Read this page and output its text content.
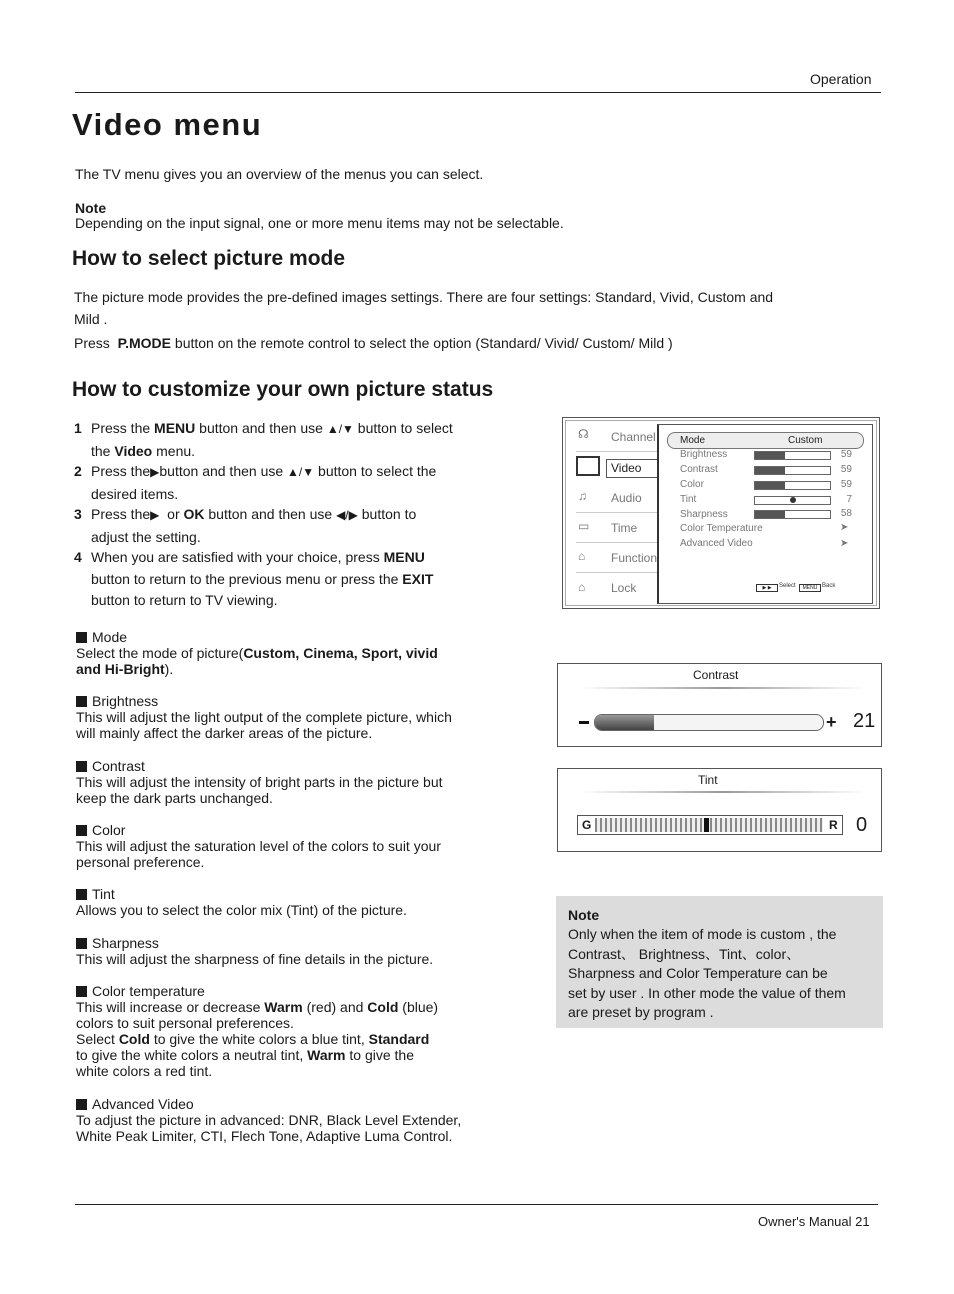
Operation
Video menu
The TV menu gives you an overview of the menus you can select.
Note
Depending on the input signal, one or more menu items may not be selectable.
How to select picture mode
The picture mode provides the pre-defined images settings. There are four settings: Standard, Vivid, Custom and
Mild .
Press P.MODE button on the remote control to select the option (Standard/ Vivid/ Custom/ Mild )
How to customize your own picture status
1 Press the MENU button and then use ▲/▼ button to select
the Video menu.
2 Press the▶button and then use ▲/▼ button to select the
desired items.
3 Press the▶ or OK button and then use ◀/▶ button to
adjust the setting.
4 When you are satisfied with your choice, press MENU
button to return to the previous menu or press the EXIT
button to return to TV viewing.
Mode
Select the mode of picture(Custom, Cinema, Sport, vivid
and Hi-Bright).
Brightness
This will adjust the light output of the complete picture, which
will mainly affect the darker areas of the picture.
Contrast
This will adjust the intensity of bright parts in the picture but
keep the dark parts unchanged.
Color
This will adjust the saturation level of the colors to suit your
personal preference.
Tint
Allows you to select the color mix (Tint) of the picture.
Sharpness
This will adjust the sharpness of fine details in the picture.
Color temperature
This will increase or decrease Warm (red) and Cold (blue)
colors to suit personal preferences.
Select Cold to give the white colors a blue tint, Standard
to give the white colors a neutral tint, Warm to give the
white colors a red tint.
Advanced Video
To adjust the picture in advanced: DNR, Black Level Extender,
White Peak Limiter, CTI, Flech Tone, Adaptive Luma Control.
☊ Channel
Video
♫ Audio
▭ Time
⌂ Function
⌂ Lock
Mode	Custom
Brightness	59
Contrast	59
Color	59
Tint	7
Sharpness	58
Color Temperature	➤
Advanced Video	➤
▶ ▶	Select	MENU Back
Contrast
+ 21
Tint
G	R 0
Note
Only when the item of mode is custom , the
Contrast、 Brightness、Tint、color、
Sharpness and Color Temperature can be
set by user . In other mode the value of them
are preset by program .
Owner's Manual 21
